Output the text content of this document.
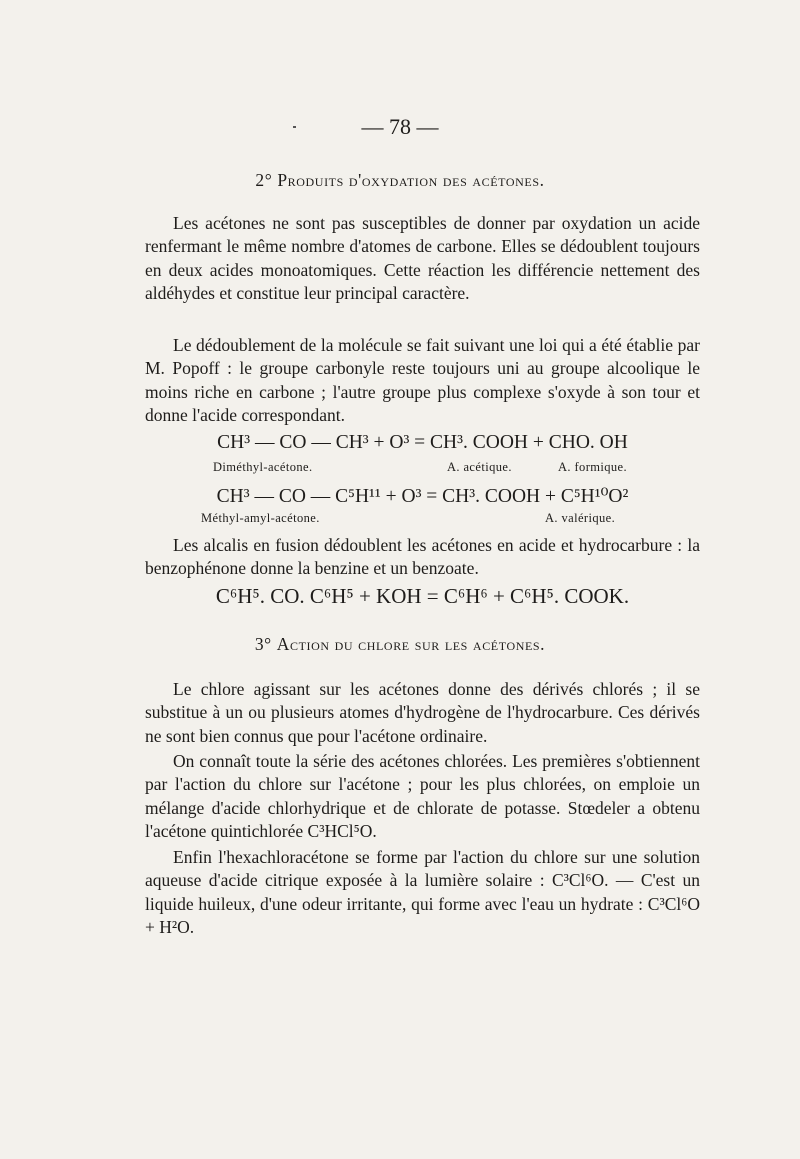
— 78 —
2° Produits d'oxydation des acétones.

Les acétones ne sont pas susceptibles de donner par oxydation un acide renfermant le même nombre d'atomes de carbone. Elles se dédoublent toujours en deux acides monoatomiques. Cette réaction les différencie nettement des aldéhydes et constitue leur principal caractère.

Le dédoublement de la molécule se fait suivant une loi qui a été établie par M. Popoff : le groupe carbonyle reste toujours uni au groupe alcoolique le moins riche en carbone ; l'autre groupe plus complexe s'oxyde à son tour et donne l'acide correspondant.

CH³ — CO — CH³ + O³ = CH³. COOH + CHO. OH
Diméthyl-acétone.	A. acétique.	A. formique.
CH³ — CO — C⁵H¹¹ + O³ = CH³. COOH + C⁵H¹⁰O²
Méthyl-amyl-acétone.	A. valérique.

Les alcalis en fusion dédoublent les acétones en acide et hydrocarbure : la benzophénone donne la benzine et un benzoate.

C⁶H⁵. CO. C⁶H⁵ + KOH = C⁶H⁶ + C⁶H⁵. COOK.
3° Action du chlore sur les acétones.

Le chlore agissant sur les acétones donne des dérivés chlorés ; il se substitue à un ou plusieurs atomes d'hydrogène de l'hydrocarbure. Ces dérivés ne sont bien connus que pour l'acétone ordinaire.

On connaît toute la série des acétones chlorées. Les premières s'obtiennent par l'action du chlore sur l'acétone ; pour les plus chlorées, on emploie un mélange d'acide chlorhydrique et de chlorate de potasse. Stœdeler a obtenu l'acétone quintichlorée C³HCl⁵O.

Enfin l'hexachloracétone se forme par l'action du chlore sur une solution aqueuse d'acide citrique exposée à la lumière solaire : C³Cl⁶O. — C'est un liquide huileux, d'une odeur irritante, qui forme avec l'eau un hydrate : C³Cl⁶O + H²O.
